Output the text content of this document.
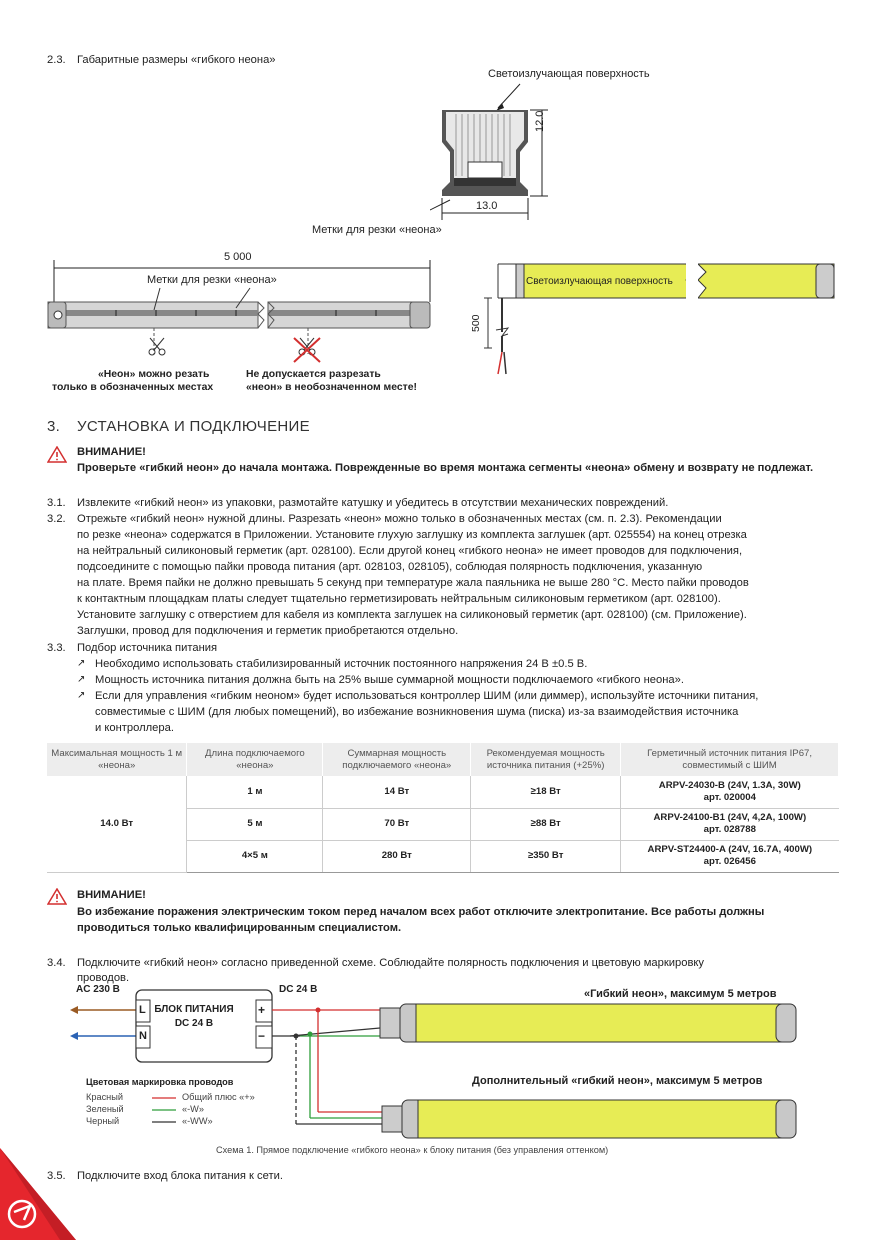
2.3. Габаритные размеры «гибкого неона»
Светоизлучающая поверхность
12.0
13.0
Метки для резки «неона»
5 000
Метки для резки «неона»
«Неон» можно резать
только в обозначенных местах
Не допускается разрезать
«неон» в необозначенном месте!
Светоизлучающая поверхность
500
3. УСТАНОВКА И ПОДКЛЮЧЕНИЕ
ВНИМАНИЕ!
Проверьте «гибкий неон» до начала монтажа. Поврежденные во время монтажа сегменты «неона» обмену и возврату не подлежат.
3.1. Извлеките «гибкий неон» из упаковки, размотайте катушку и убедитесь в отсутствии механических повреждений.
3.2. Отрежьте «гибкий неон» нужной длины. Разрезать «неон» можно только в обозначенных местах (см. п. 2.3). Рекомендации
по резке «неона» содержатся в Приложении. Установите глухую заглушку из комплекта заглушек (арт. 025554) на конец отрезка
на нейтральный силиконовый герметик (арт. 028100). Если другой конец «гибкого неона» не имеет проводов для подключения,
подсоедините с помощью пайки провода питания (арт. 028103, 028105), соблюдая полярность подключения, указанную
на плате. Время пайки не должно превышать 5 секунд при температуре жала паяльника не выше 280 °С. Место пайки проводов
к контактным площадкам платы следует тщательно герметизировать нейтральным силиконовым герметиком (арт. 028100).
Установите заглушку с отверстием для кабеля из комплекта заглушек на силиконовый герметик (арт. 028100) (см. Приложение).
Заглушки, провод для подключения и герметик приобретаются отдельно.
3.3. Подбор источника питания
↗ Необходимо использовать стабилизированный источник постоянного напряжения 24 В ±0.5 В.
↗ Мощность источника питания должна быть на 25% выше суммарной мощности подключаемого «гибкого неона».
↗ Если для управления «гибким неоном» будет использоваться контроллер ШИМ (или диммер), используйте источники питания,
совместимые с ШИМ (для любых помещений), во избежание возникновения шума (писка) из-за взаимодействия источника
и контроллера.
Максимальная мощность 1 м «неона»	Длина подключаемого «неона»	Суммарная мощность подключаемого «неона»	Рекомендуемая мощность источника питания (+25%)	Герметичный источник питания IP67, совместимый с ШИМ
14.0 Вт	1 м	14 Вт	≥18 Вт	ARPV-24030-B (24V, 1.3A, 30W)
арт. 020004
	5 м	70 Вт	≥88 Вт	ARPV-24100-B1 (24V, 4,2A, 100W)
арт. 028788
	4×5 м	280 Вт	≥350 Вт	ARPV-ST24400-A (24V, 16.7A, 400W)
арт. 026456
ВНИМАНИЕ!
Во избежание поражения электрическим током перед началом всех работ отключите электропитание. Все работы должны
проводиться только квалифицированным специалистом.
3.4. Подключите «гибкий неон» согласно приведенной схеме. Соблюдайте полярность подключения и цветовую маркировку
проводов.
AC 230 В	DC 24 В
БЛОК ПИТАНИЯ
DC 24 В
L
N
+
−
«Гибкий неон», максимум 5 метров
Дополнительный «гибкий неон», максимум 5 метров
Цветовая маркировка проводов
Красный	Общий плюс «+»
Зеленый	«-W»
Черный	«-WW»
Схема 1. Прямое подключение «гибкого неона» к блоку питания (без управления оттенком)
3.5. Подключите вход блока питания к сети.
